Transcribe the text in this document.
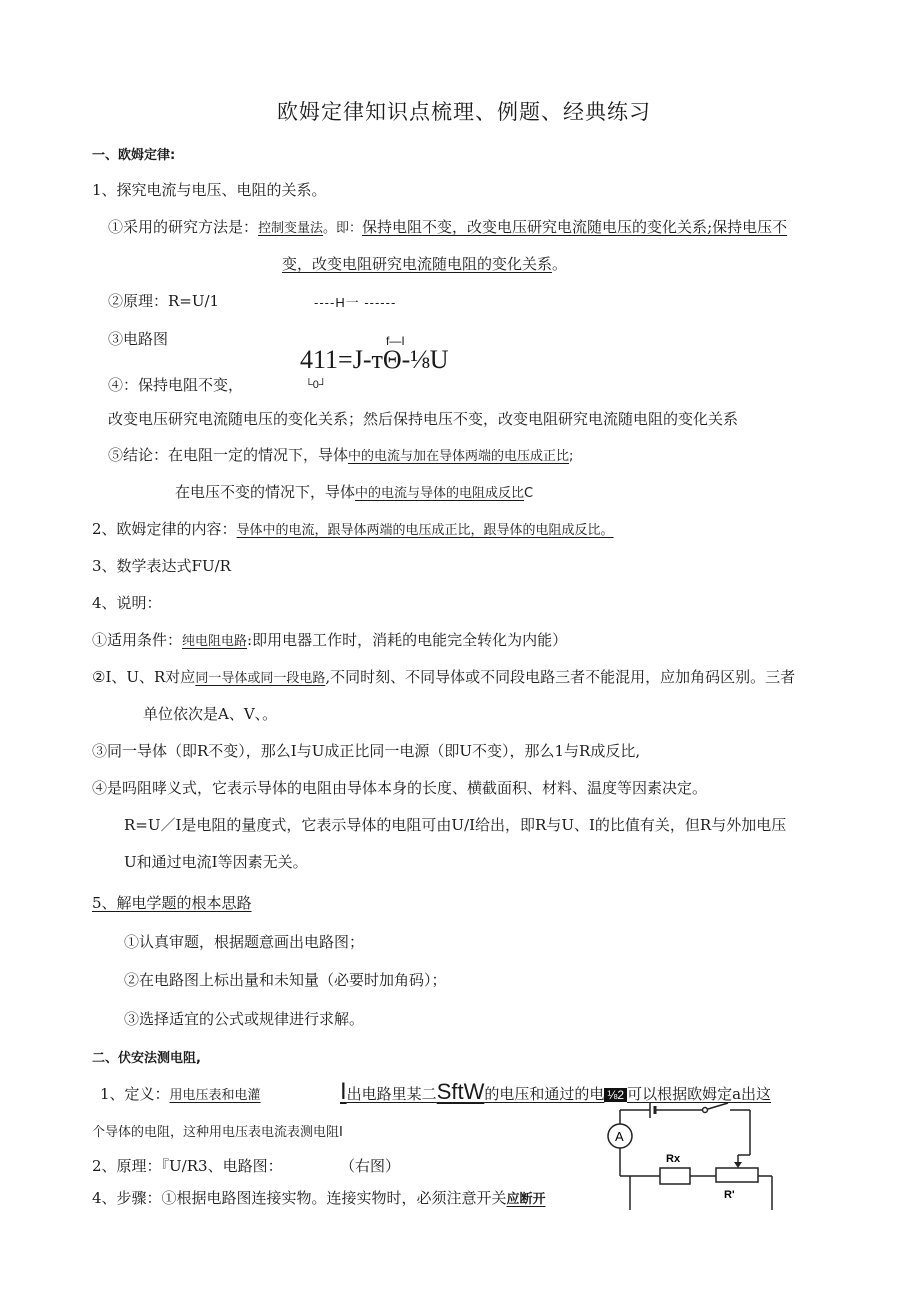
欧姆定律知识点梳理、例题、经典练习
一、欧姆定律:
1、探究电流与电压、电阻的关系。
①采用的研究方法是：控制变量法。即：保持电阻不变，改变电压研究电流随电压的变化关系;保持电压不
变，改变电阻研究电流随电阻的变化关系。
②原理：R=U/1	----H一 ------
③电路图	f—I
411=J-ᴛΘ-⅛U
└0┘
④：保持电阻不变，
改变电压研究电流随电压的变化关系；然后保持电压不变，改变电阻研究电流随电阻的变化关系
⑤结论：在电阻一定的情况下，导体中的电流与加在导体两端的电压成正比;
在电压不变的情况下，导体中的电流与导体的电阻成反比C
2、欧姆定律的内容：导体中的电流，跟导体两端的电压成正比，跟导体的电阻成反比。
3、数学表达式FU/R
4、说明：
①适用条件：纯电阻电路:即用电器工作时，消耗的电能完全转化为内能）
②I、U、R对应同一导体或同一段电路,不同时刻、不同导体或不同段电路三者不能混用，应加角码区别。三者
单位依次是A、V、。
③同一导体（即R不变），那么I与U成正比同一电源（即U不变），那么1与R成反比,
④是吗阻哮义式，它表示导体的电阻由导体本身的长度、横截面积、材料、温度等因素决定。
R=U／I是电阻的量度式，它表示导体的电阻可由U/I给出，即R与U、I的比值有关，但R与外加电压
U和通过电流I等因素无关。
5、解电学题的根本思路
①认真审题，根据题意画出电路图；
②在电路图上标出量和未知量（必要时加角码）；
③选择适宜的公式或规律进行求解。
二、伏安法测电阻,
1、定义：用电压表和电灌	I出电路里某二SftW的电压和通过的电 ⅛2 可以根据欧姆定a出这
个导体的电阻，这种用电压表电流表测电阻I
2、原理：『U/R3、电路图：	（右图）
4、步骤：①根据电路图连接实物。连接实物时，必须注意开关应断开
A
Rx
R'
